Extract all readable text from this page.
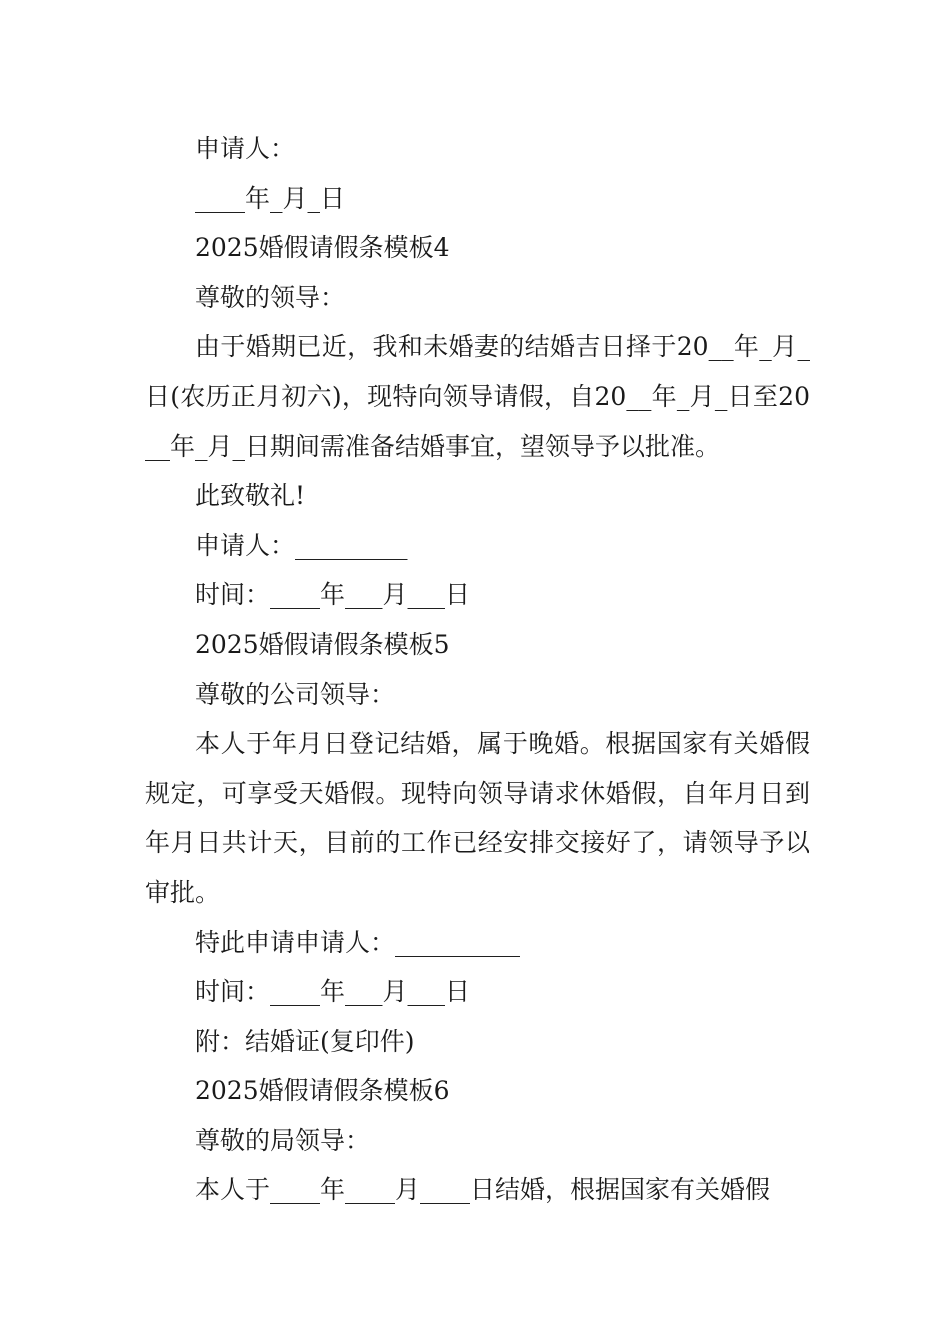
申请人：

____年_月_日

2025婚假请假条模板4

尊敬的领导：

由于婚期已近，我和未婚妻的结婚吉日择于20__年_月_日(农历正月初六)，现特向领导请假，自20__年_月_日至20__年_月_日期间需准备结婚事宜，望领导予以批准。

此致敬礼!

申请人：_________

时间：____年___月___日

2025婚假请假条模板5

尊敬的公司领导：

本人于年月日登记结婚，属于晚婚。根据国家有关婚假规定，可享受天婚假。现特向领导请求休婚假，自年月日到年月日共计天，目前的工作已经安排交接好了，请领导予以审批。

特此申请申请人：__________

时间：____年___月___日

附：结婚证(复印件)

2025婚假请假条模板6

尊敬的局领导：

本人于____年____月____日结婚，根据国家有关婚假
